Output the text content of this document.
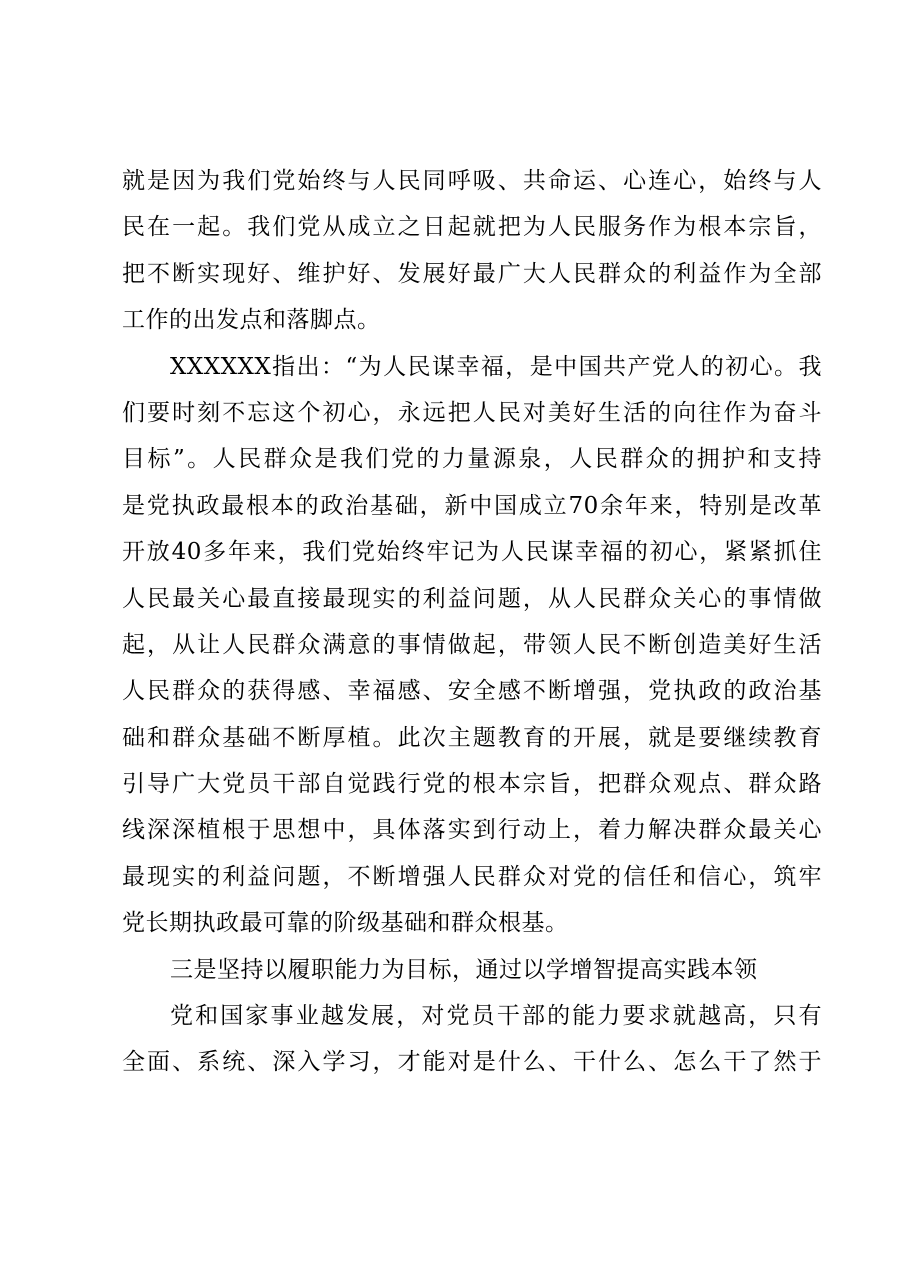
就是因为我们党始终与人民同呼吸、共命运、心连心，始终与人
民在一起。我们党从成立之日起就把为人民服务作为根本宗旨，
把不断实现好、维护好、发展好最广大人民群众的利益作为全部
工作的出发点和落脚点。
XXXXXX指出：“为人民谋幸福，是中国共产党人的初心。我
们要时刻不忘这个初心，永远把人民对美好生活的向往作为奋斗
目标”。人民群众是我们党的力量源泉，人民群众的拥护和支持
是党执政最根本的政治基础，新中国成立70余年来，特别是改革
开放40多年来，我们党始终牢记为人民谋幸福的初心，紧紧抓住
人民最关心最直接最现实的利益问题，从人民群众关心的事情做
起，从让人民群众满意的事情做起，带领人民不断创造美好生活
人民群众的获得感、幸福感、安全感不断增强，党执政的政治基
础和群众基础不断厚植。此次主题教育的开展，就是要继续教育
引导广大党员干部自觉践行党的根本宗旨，把群众观点、群众路
线深深植根于思想中，具体落实到行动上，着力解决群众最关心
最现实的利益问题，不断增强人民群众对党的信任和信心，筑牢
党长期执政最可靠的阶级基础和群众根基。
三是坚持以履职能力为目标，通过以学增智提高实践本领
党和国家事业越发展，对党员干部的能力要求就越高，只有
全面、系统、深入学习，才能对是什么、干什么、怎么干了然于
